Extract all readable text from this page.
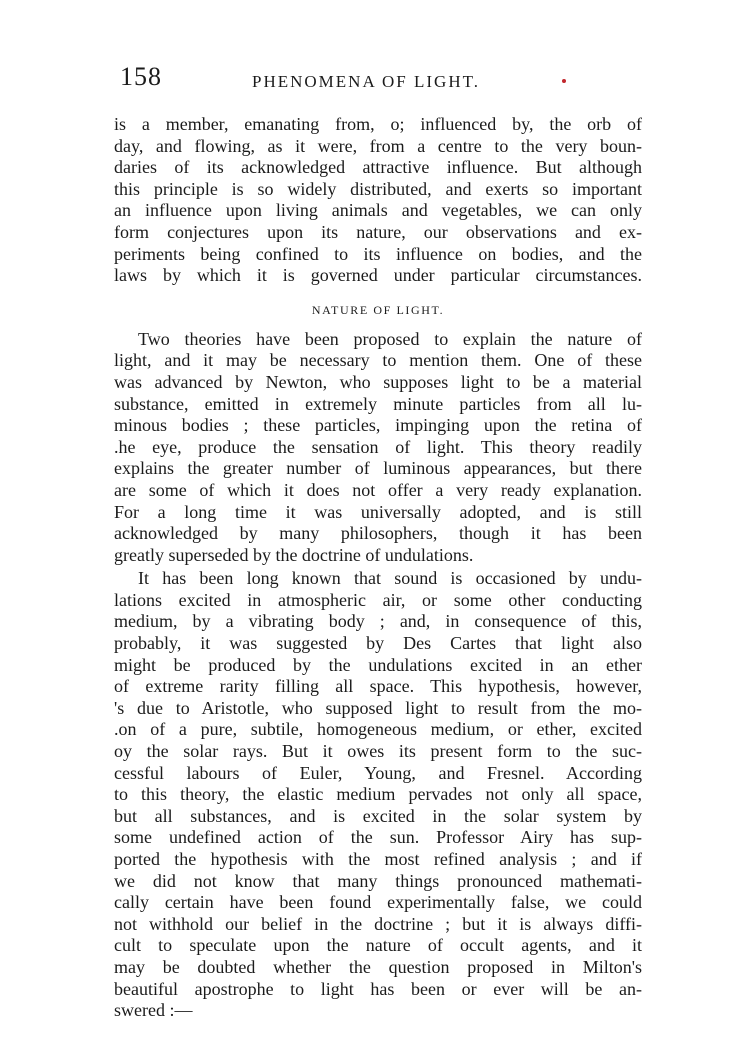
158	PHENOMENA OF LIGHT.
is a member, emanating from, o; influenced by, the orb of
day, and flowing, as it were, from a centre to the very boun-
daries of its acknowledged attractive influence. But although
this principle is so widely distributed, and exerts so important
an influence upon living animals and vegetables, we can only
form conjectures upon its nature, our observations and ex-
periments being confined to its influence on bodies, and the
laws by which it is governed under particular circumstances.
NATURE OF LIGHT.
Two theories have been proposed to explain the nature of
light, and it may be necessary to mention them. One of these
was advanced by Newton, who supposes light to be a material
substance, emitted in extremely minute particles from all lu-
minous bodies ; these particles, impinging upon the retina of
.he eye, produce the sensation of light. This theory readily
explains the greater number of luminous appearances, but there
are some of which it does not offer a very ready explanation.
For a long time it was universally adopted, and is still
acknowledged by many philosophers, though it has been
greatly superseded by the doctrine of undulations.
It has been long known that sound is occasioned by undu-
lations excited in atmospheric air, or some other conducting
medium, by a vibrating body ; and, in consequence of this,
probably, it was suggested by Des Cartes that light also
might be produced by the undulations excited in an ether
of extreme rarity filling all space. This hypothesis, however,
's due to Aristotle, who supposed light to result from the mo-
.on of a pure, subtile, homogeneous medium, or ether, excited
oy the solar rays. But it owes its present form to the suc-
cessful labours of Euler, Young, and Fresnel. According
to this theory, the elastic medium pervades not only all space,
but all substances, and is excited in the solar system by
some undefined action of the sun. Professor Airy has sup-
ported the hypothesis with the most refined analysis ; and if
we did not know that many things pronounced mathemati-
cally certain have been found experimentally false, we could
not withhold our belief in the doctrine ; but it is always diffi-
cult to speculate upon the nature of occult agents, and it
may be doubted whether the question proposed in Milton's
beautiful apostrophe to light has been or ever will be an-
swered :—
